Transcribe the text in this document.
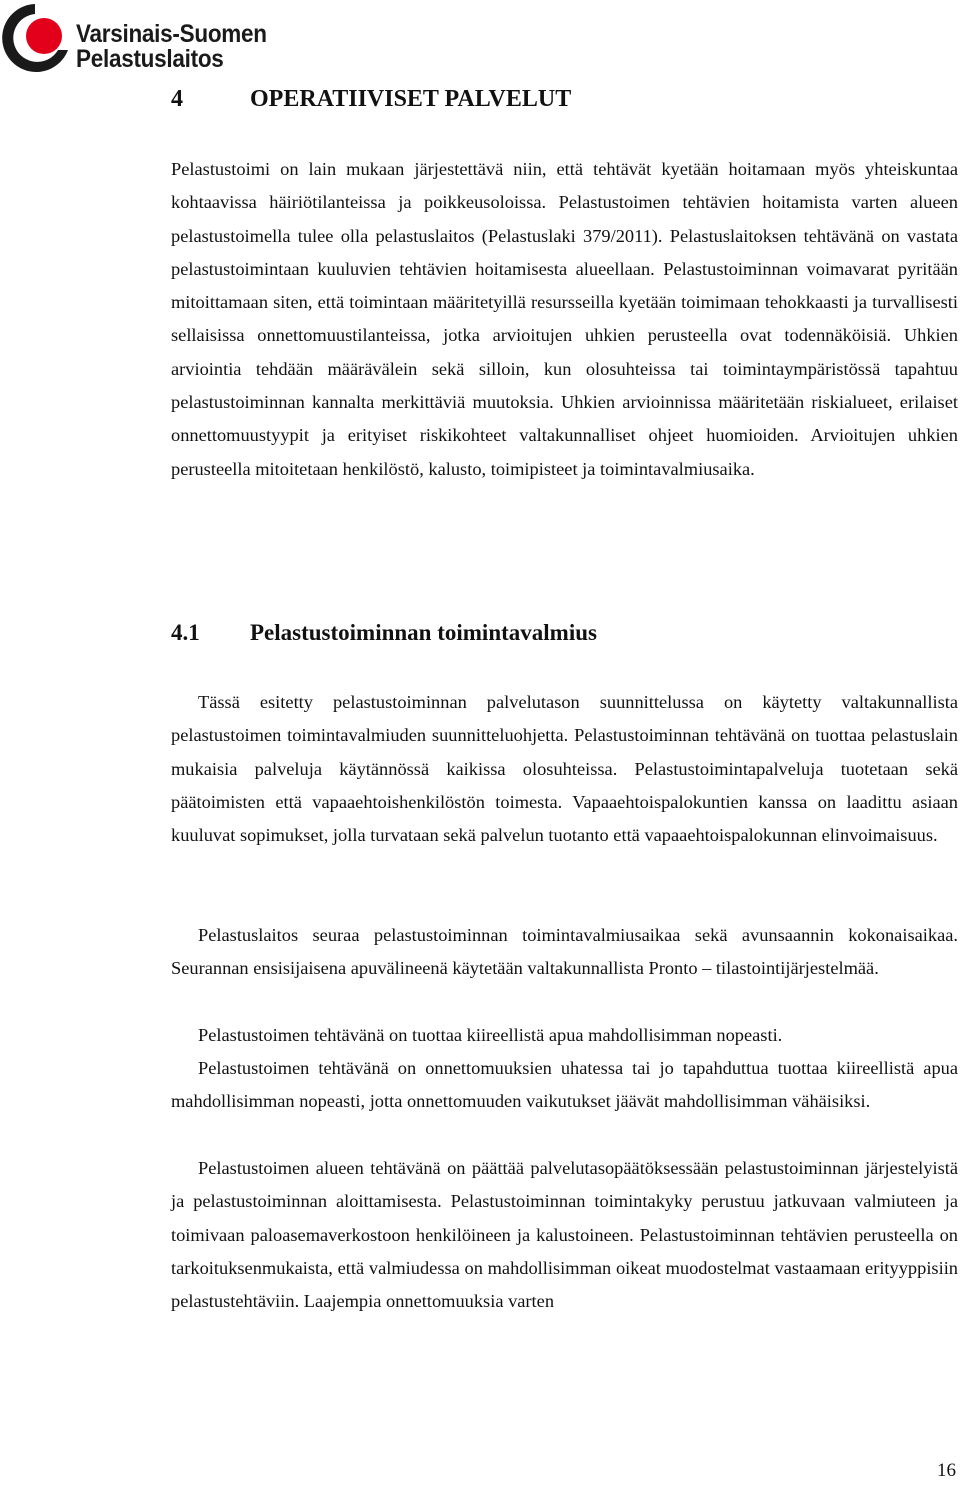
Varsinais-Suomen
Pelastuslaitos
4	OPERATIIVISET PALVELUT

Pelastustoimi on lain mukaan järjestettävä niin, että tehtävät kyetään hoitamaan myös yhteiskuntaa kohtaavissa häiriötilanteissa ja poikkeusoloissa. Pelastustoimen tehtävien hoitamista varten alueen pelastustoimella tulee olla pelastuslaitos (Pelastuslaki 379/2011). Pelastuslaitoksen tehtävänä on vastata pelastustoimintaan kuuluvien tehtävien hoitamisesta alueellaan. Pelastustoiminnan voimavarat pyritään mitoittamaan siten, että toimintaan määritetyillä resursseilla kyetään toimimaan tehokkaasti ja turvallisesti sellaisissa onnettomuustilanteissa, jotka arvioitujen uhkien perusteella ovat todennäköisiä. Uhkien arviointia tehdään määrävälein sekä silloin, kun olosuhteissa tai toimintaympäristössä tapahtuu pelastustoiminnan kannalta merkittäviä muutoksia. Uhkien arvioinnissa määritetään riskialueet, erilaiset onnettomuustyypit ja erityiset riskikohteet valtakunnalliset ohjeet huomioiden. Arvioitujen uhkien perusteella mitoitetaan henkilöstö, kalusto, toimipisteet ja toimintavalmiusaika.

4.1 Pelastustoiminnan toimintavalmius

Tässä esitetty pelastustoiminnan palvelutason suunnittelussa on käytetty valtakunnallista pelastustoimen toimintavalmiuden suunnitteluohjetta. Pelastustoiminnan tehtävänä on tuottaa pelastuslain mukaisia palveluja käytännössä kaikissa olosuhteissa. Pelastustoimintapalveluja tuotetaan sekä päätoimisten että vapaaehtoishenkilöstön toimesta. Vapaaehtoispalokuntien kanssa on laadittu asiaan kuuluvat sopimukset, jolla turvataan sekä palvelun tuotanto että vapaaehtoispalokunnan elinvoimaisuus.

Pelastuslaitos seuraa pelastustoiminnan toimintavalmiusaikaa sekä avunsaannin kokonaisaikaa. Seurannan ensisijaisena apuvälineenä käytetään valtakunnallista Pronto – tilastointijärjestelmää.

Pelastustoimen tehtävänä on tuottaa kiireellistä apua mahdollisimman nopeasti.

Pelastustoimen tehtävänä on onnettomuuksien uhatessa tai jo tapahduttua tuottaa kiireellistä apua mahdollisimman nopeasti, jotta onnettomuuden vaikutukset jäävät mahdollisimman vähäisiksi.

Pelastustoimen alueen tehtävänä on päättää palvelutasopäätöksessään pelastustoiminnan järjestelyistä ja pelastustoiminnan aloittamisesta. Pelastustoiminnan toimintakyky perustuu jatkuvaan valmiuteen ja toimivaan paloasemaverkostoon henkilöineen ja kalustoineen. Pelastustoiminnan tehtävien perusteella on tarkoituksenmukaista, että valmiudessa on mahdollisimman oikeat muodostelmat vastaamaan erityyppisiin pelastustehtäviin. Laajempia onnettomuuksia varten

16
